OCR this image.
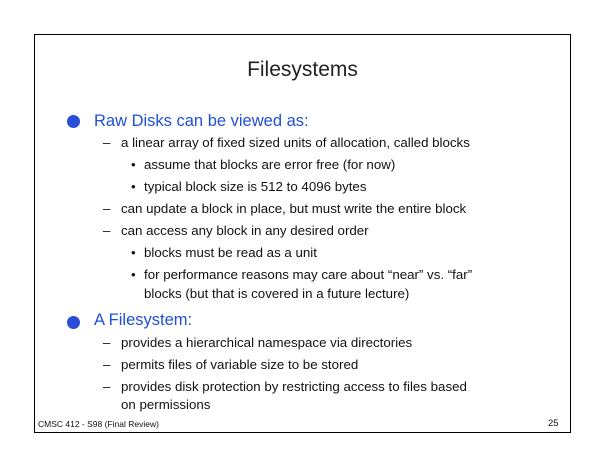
Filesystems
Raw Disks can be viewed as:
– a linear array of fixed sized units of allocation, called blocks
• assume that blocks are error free (for now)
• typical block size is 512 to 4096 bytes
– can update a block in place, but must write the entire block
– can access any block in any desired order
• blocks must be read as a unit
• for performance reasons may care about “near” vs. “far”
blocks (but that is covered in a future lecture)
A Filesystem:
– provides a hierarchical namespace via directories
– permits files of variable size to be stored
– provides disk protection by restricting access to files based
on permissions
CMSC 412 - S98 (Final Review)	25
